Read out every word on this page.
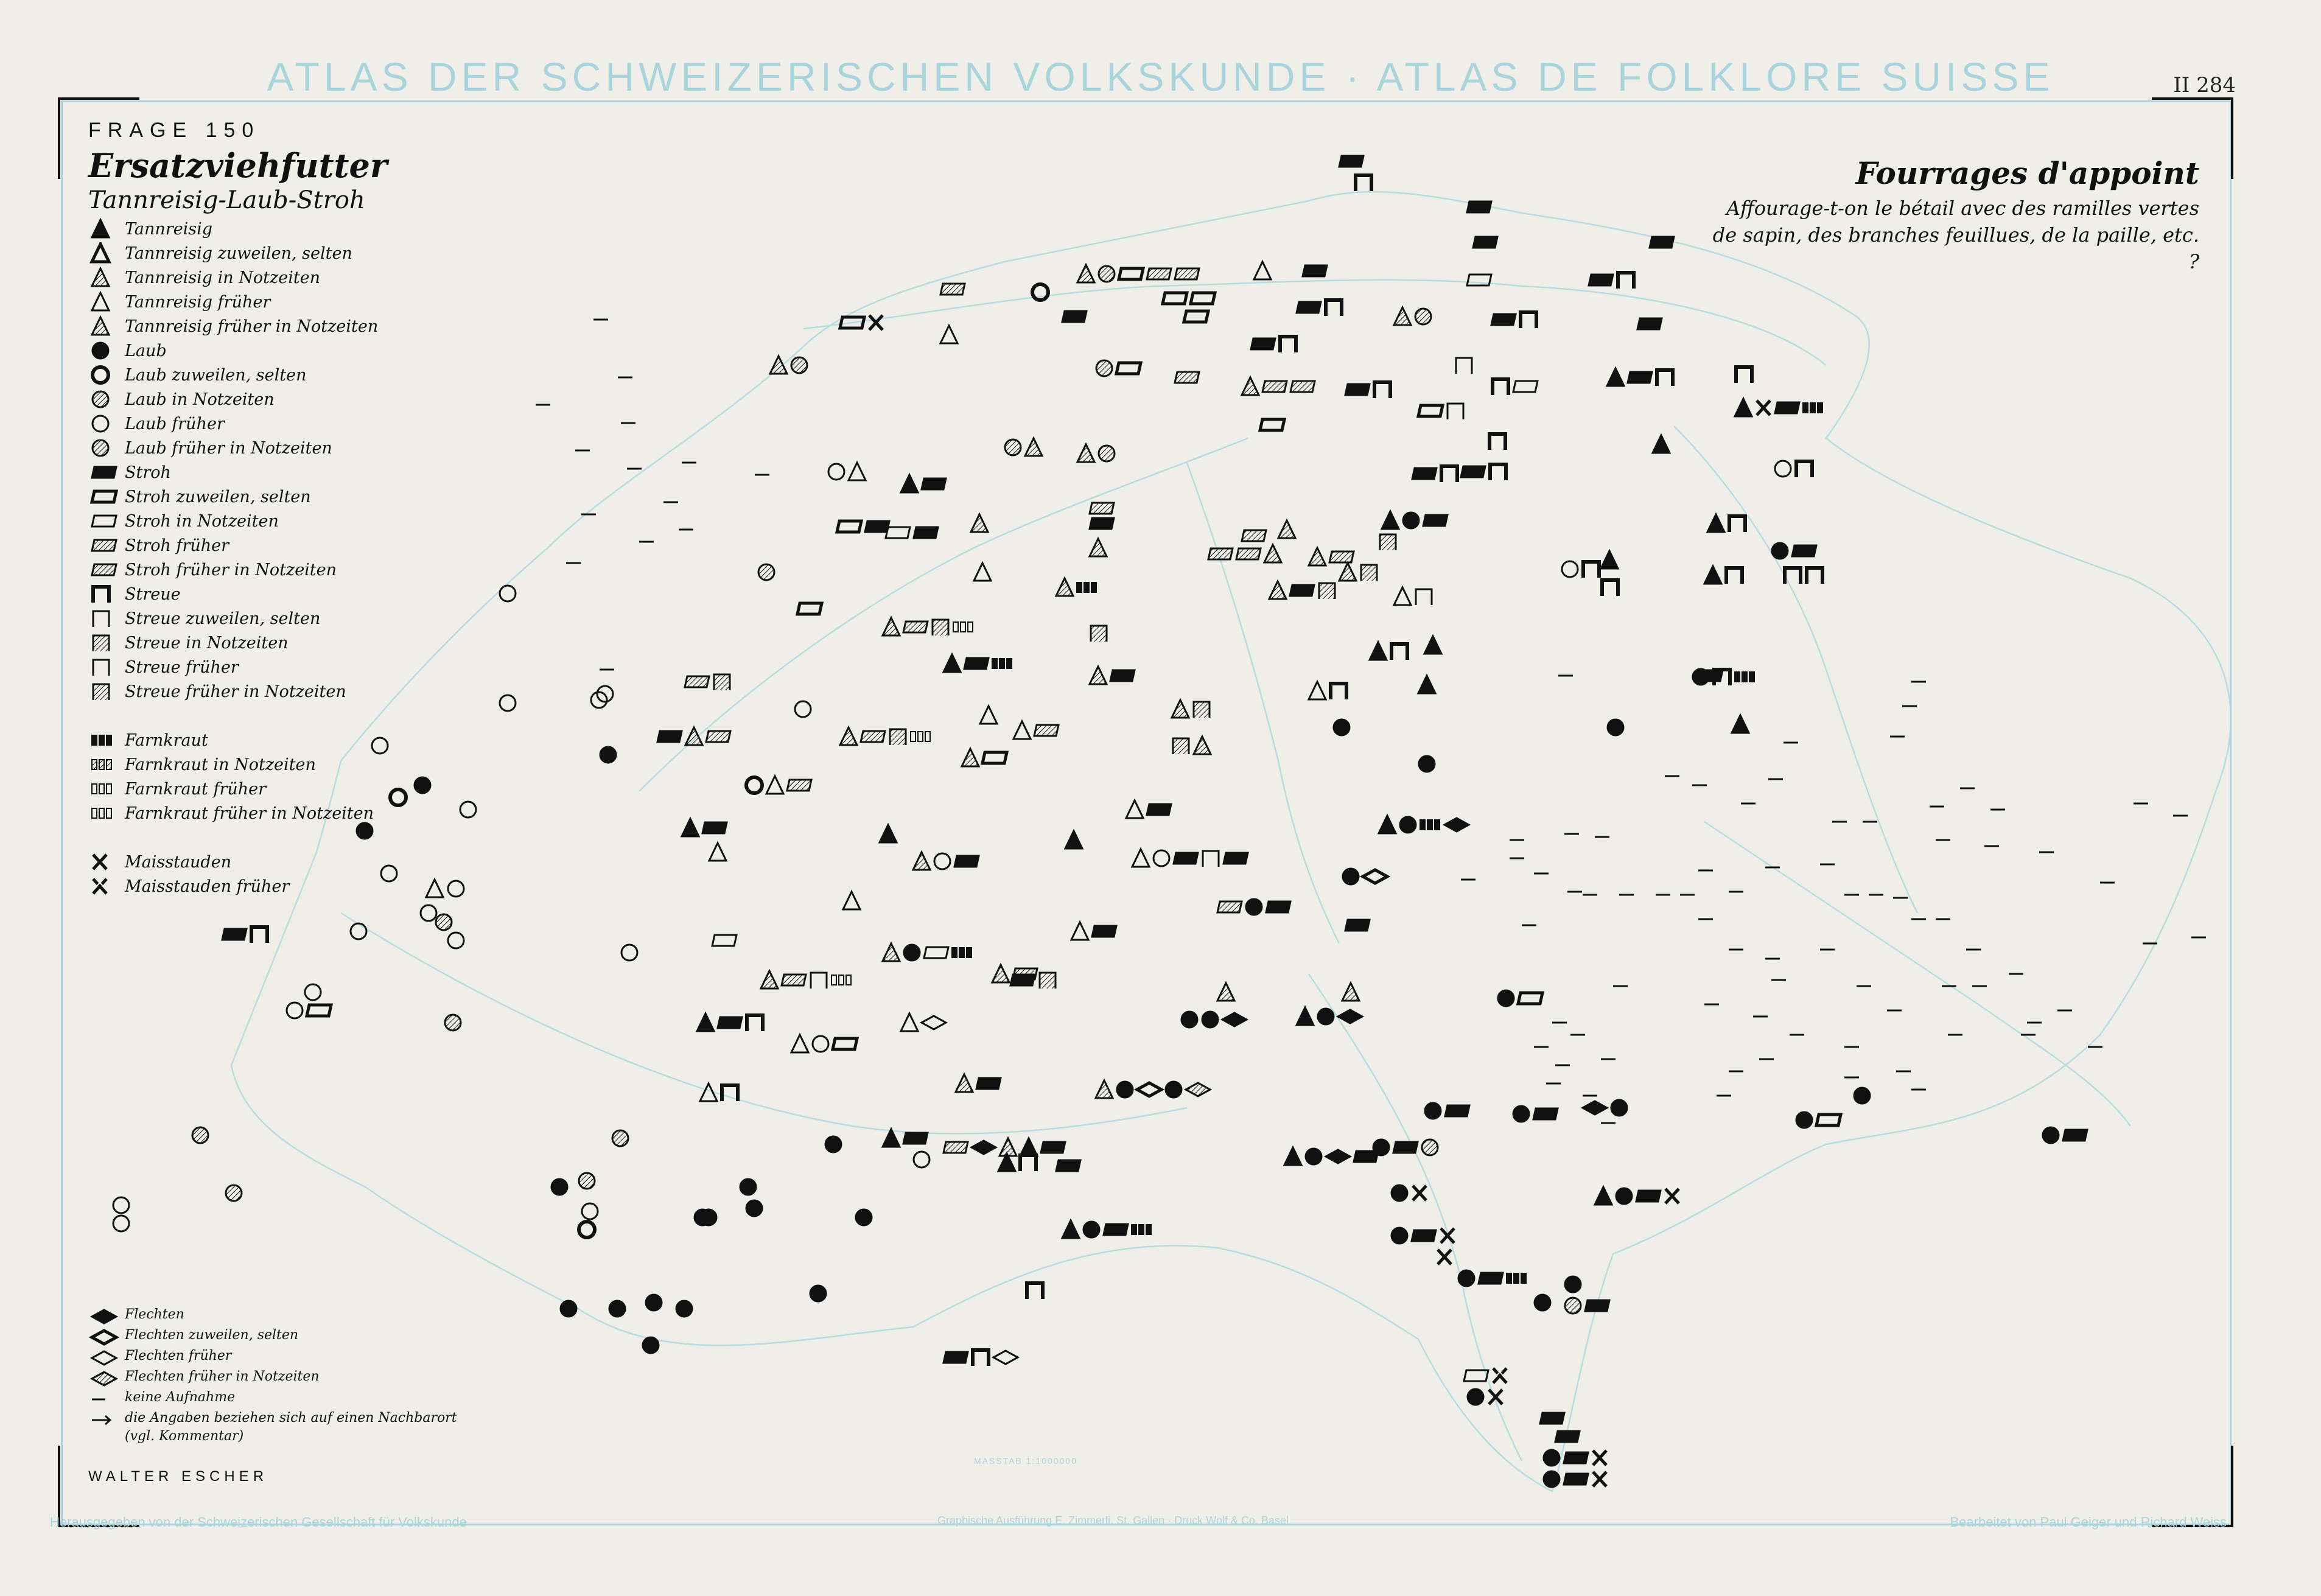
ATLAS DER SCHWEIZERISCHEN VOLKSKUNDE · ATLAS DE FOLKLORE SUISSE	II 284
FRAGE 150
Ersatzviehfutter
Tannreisig-Laub-Stroh
Tannreisig
Tannreisig zuweilen, selten
Tannreisig in Notzeiten
Tannreisig früher
Tannreisig früher in Notzeiten
Laub
Laub zuweilen, selten
Laub in Notzeiten
Laub früher
Laub früher in Notzeiten
Stroh
Stroh zuweilen, selten
Stroh in Notzeiten
Stroh früher
Stroh früher in Notzeiten
Streue
Streue zuweilen, selten
Streue in Notzeiten
Streue früher
Streue früher in Notzeiten
Farnkraut
Farnkraut in Notzeiten
Farnkraut früher
Farnkraut früher in Notzeiten
Maisstauden
Maisstauden früher
Flechten
Flechten zuweilen, selten
Flechten früher
Flechten früher in Notzeiten
keine Aufnahme
die Angaben beziehen sich auf einen Nachbarort (vgl. Kommentar)
WALTER ESCHER
Fourrages d'appoint
Affourage-t-on le bétail avec des ramilles vertes de sapin, des branches feuillues, de la paille, etc. ?
MASSTAB 1:1000000
Herausgegeben von der Schweizerischen Gesellschaft für Volkskunde	Graphische Ausführung E. Zimmerli, St. Gallen · Druck Wolf & Co. Basel	Bearbeitet von Paul Geiger und Richard Weiss
